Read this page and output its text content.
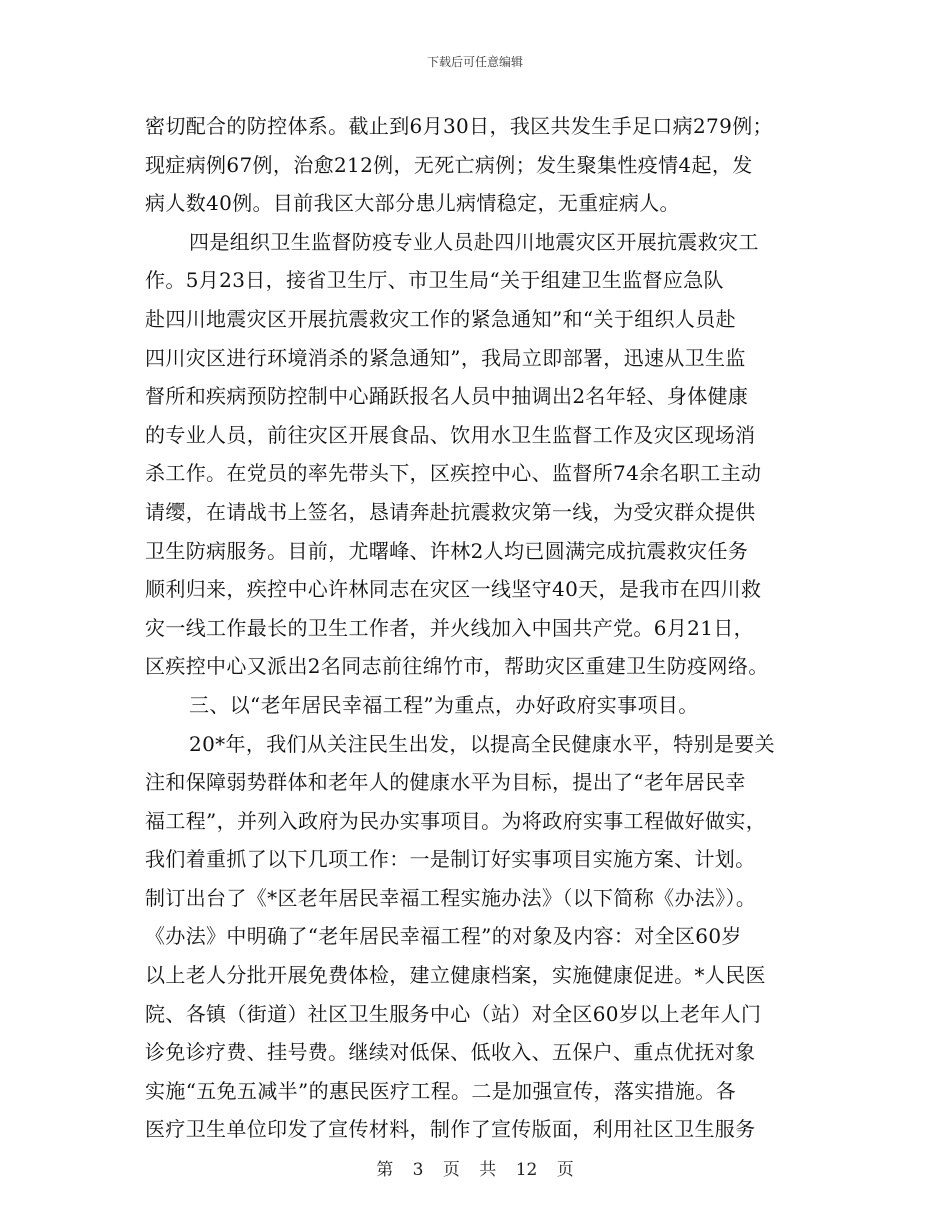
下载后可任意编辑
密切配合的防控体系。截止到6月30日，我区共发生手足口病279例；
现症病例67例，治愈212例，无死亡病例；发生聚集性疫情4起，发
病人数40例。目前我区大部分患儿病情稳定，无重症病人。
四是组织卫生监督防疫专业人员赴四川地震灾区开展抗震救灾工
作。5月23日，接省卫生厅、市卫生局“关于组建卫生监督应急队
赴四川地震灾区开展抗震救灾工作的紧急通知”和“关于组织人员赴
四川灾区进行环境消杀的紧急通知”，我局立即部署，迅速从卫生监
督所和疾病预防控制中心踊跃报名人员中抽调出2名年轻、身体健康
的专业人员，前往灾区开展食品、饮用水卫生监督工作及灾区现场消
杀工作。在党员的率先带头下，区疾控中心、监督所74余名职工主动
请缨，在请战书上签名，恳请奔赴抗震救灾第一线，为受灾群众提供
卫生防病服务。目前，尤曙峰、许林2人均已圆满完成抗震救灾任务
顺利归来，疾控中心许林同志在灾区一线坚守40天，是我市在四川救
灾一线工作最长的卫生工作者，并火线加入中国共产党。6月21日，
区疾控中心又派出2名同志前往绵竹市，帮助灾区重建卫生防疫网络。
三、以“老年居民幸福工程”为重点，办好政府实事项目。
20*年，我们从关注民生出发，以提高全民健康水平，特别是要关
注和保障弱势群体和老年人的健康水平为目标，提出了“老年居民幸
福工程”，并列入政府为民办实事项目。为将政府实事工程做好做实，
我们着重抓了以下几项工作：一是制订好实事项目实施方案、计划。
制订出台了《*区老年居民幸福工程实施办法》（以下简称《办法》）。
《办法》中明确了“老年居民幸福工程”的对象及内容：对全区60岁
以上老人分批开展免费体检，建立健康档案，实施健康促进。*人民医
院、各镇（街道）社区卫生服务中心（站）对全区60岁以上老年人门
诊免诊疗费、挂号费。继续对低保、低收入、五保户、重点优抚对象
实施“五免五减半”的惠民医疗工程。二是加强宣传，落实措施。各
医疗卫生单位印发了宣传材料，制作了宣传版面，利用社区卫生服务
第 3 页 共 12 页
